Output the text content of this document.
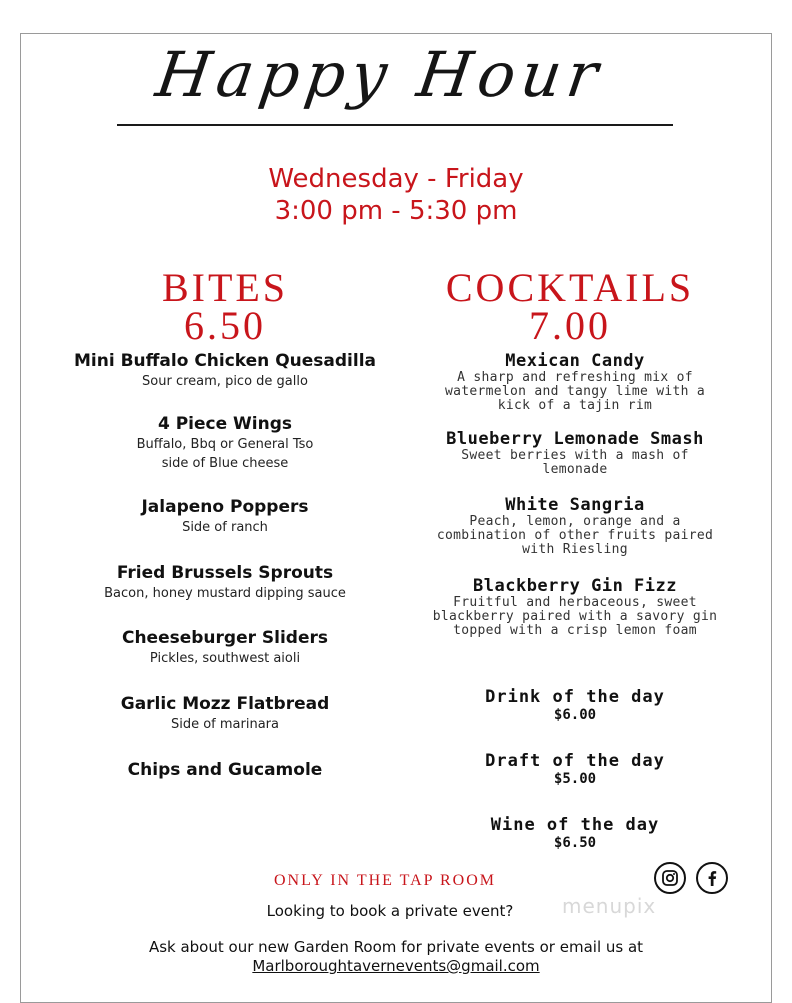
Happy Hour
Wednesday - Friday
3:00 pm - 5:30 pm
BITES
6.50
COCKTAILS
7.00
Mini Buffalo Chicken Quesadilla
Sour cream, pico de gallo
4 Piece Wings
Buffalo, Bbq or General Tso
side of Blue cheese
Jalapeno Poppers
Side of ranch
Fried Brussels Sprouts
Bacon, honey mustard dipping sauce
Cheeseburger Sliders
Pickles, southwest aioli
Garlic Mozz Flatbread
Side of marinara
Chips and Gucamole
Mexican Candy
A sharp and refreshing mix of
watermelon and tangy lime with a
kick of a tajin rim
Blueberry Lemonade Smash
Sweet berries with a mash of
lemonade
White Sangria
Peach, lemon, orange and a
combination of other fruits paired
with Riesling
Blackberry Gin Fizz
Fruitful and herbaceous, sweet
blackberry paired with a savory gin
topped with a crisp lemon foam
Drink of the day
$6.00
Draft of the day
$5.00
Wine of the day
$6.50
ONLY IN THE TAP ROOM
menupix
Looking to book a private event?
Ask about our new Garden Room for private events or email us at
Marlboroughtavernevents@gmail.com
